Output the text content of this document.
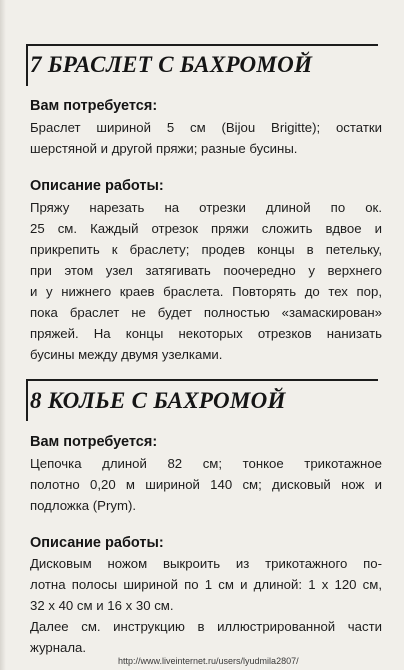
7 БРАСЛЕТ С БАХРОМОЙ
Вам потребуется:
Браслет шириной 5 см (Bijou Brigitte); остатки
шерстяной и другой пряжи; разные бусины.
Описание работы:
Пряжу нарезать на отрезки длиной по ок.
25 см. Каждый отрезок пряжи сложить вдвое и
прикрепить к браслету; продев концы в петельку,
при этом узел затягивать поочередно у верхнего
и у нижнего краев браслета. Повторять до тех пор,
пока браслет не будет полностью «замаскирован»
пряжей. На концы некоторых отрезков нанизать
бусины между двумя узелками.
8 КОЛЬЕ С БАХРОМОЙ
Вам потребуется:
Цепочка длиной 82 см; тонкое трикотажное
полотно 0,20 м шириной 140 см; дисковый нож и
подложка (Prym).
Описание работы:
Дисковым ножом выкроить из трикотажного по-
лотна полосы шириной по 1 см и длиной: 1 х 120 см,
32 х 40 см и 16 х 30 см.
Далее см. инструкцию в иллюстрированной части
журнала.
http://www.liveinternet.ru/users/lyudmila2807/
